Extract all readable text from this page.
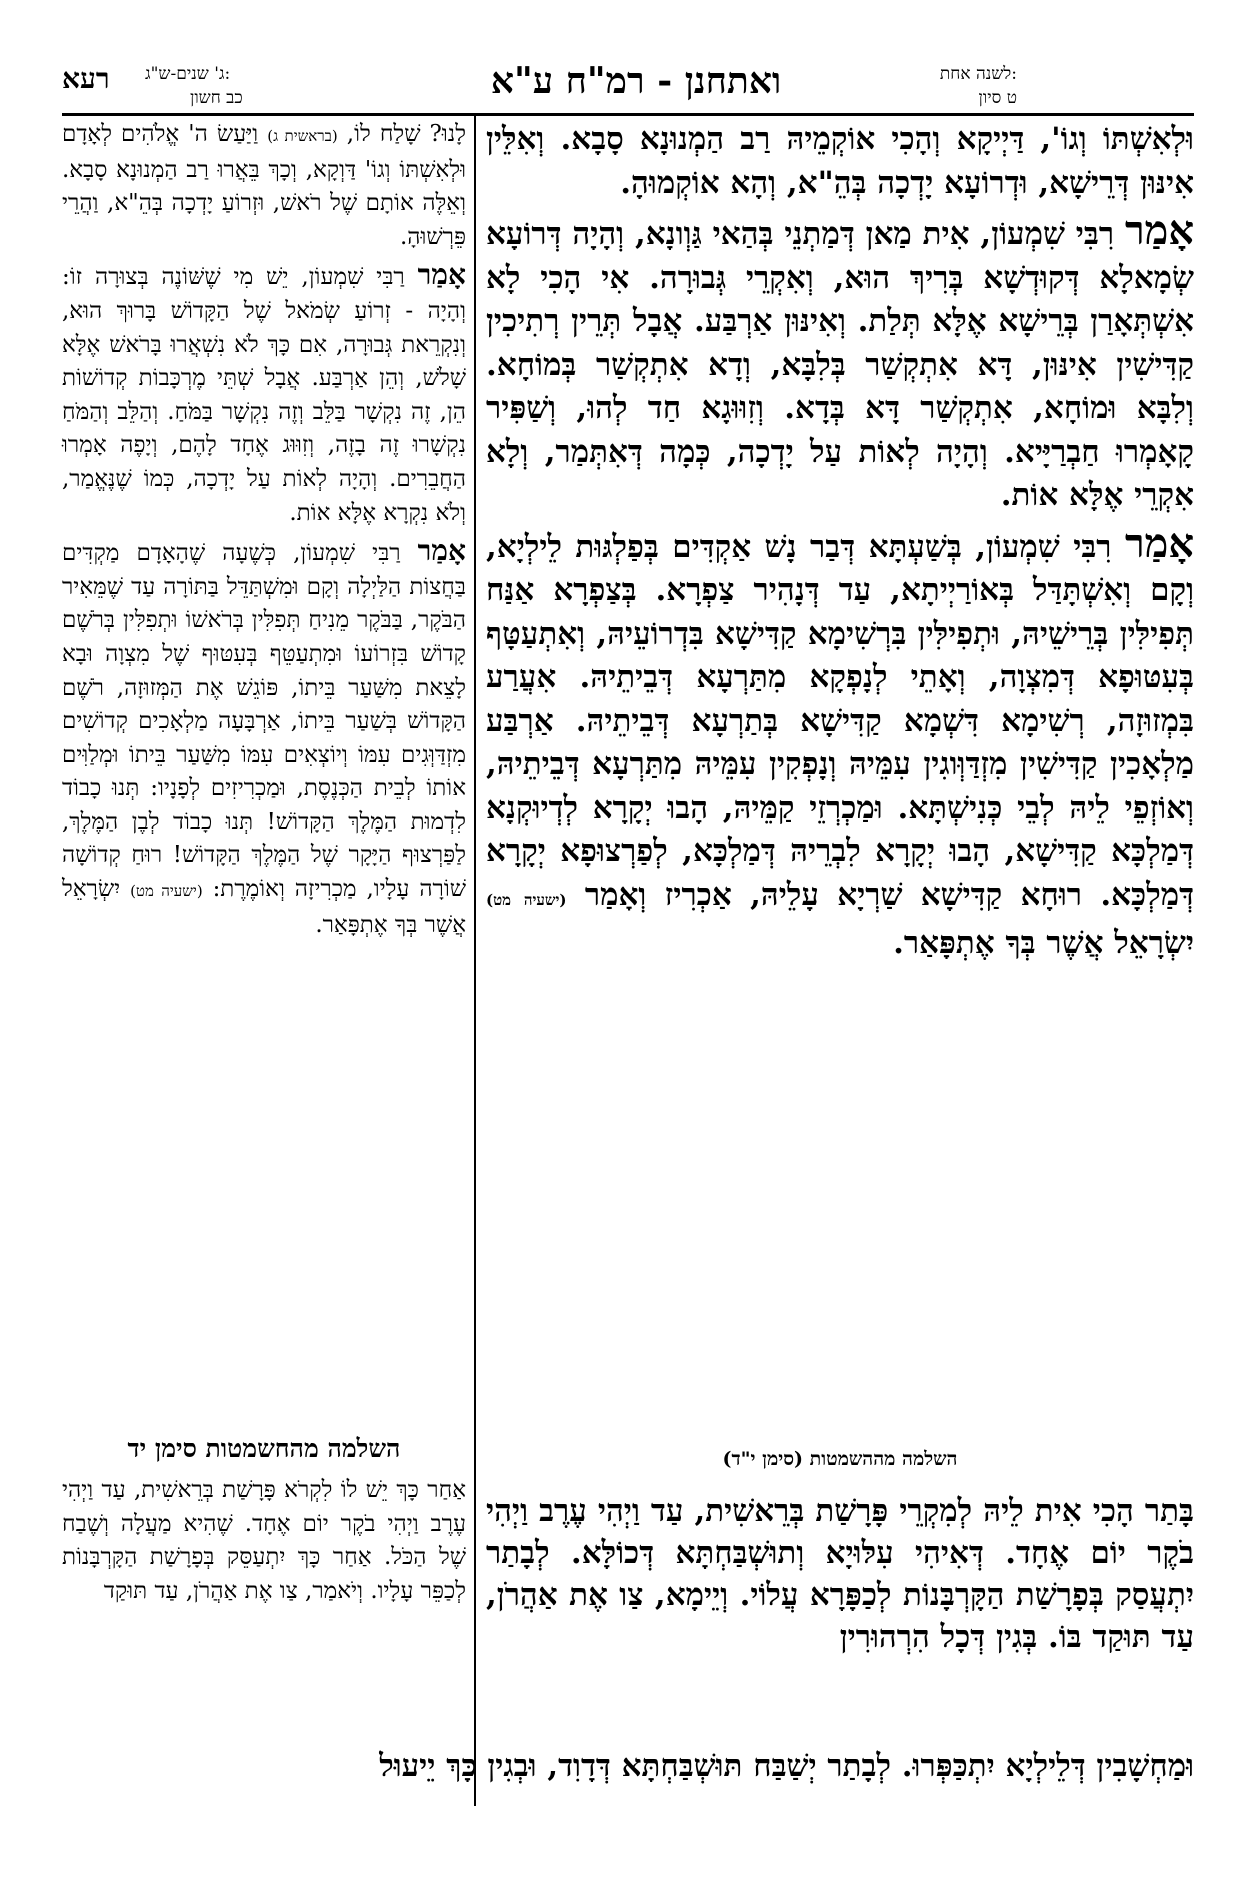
לשנה אחת:
ט סיון
ואתחנן - רמ"ח ע"א
ג' שנים-ש"ג:
כב חשון
רעא

וּלְאִשְׁתּוֹ וְגוֹ', דַּיְיקָא וְהָכִי אוֹקְמֵיהּ רַב הַמְנוּנָא סָבָא. וְאִלֵּין אִינּוּן דְּרֵישָׁא, וּדְרוֹעָא יָדְכָה בְּהֵ"א, וְהָא אוֹקְמוּהָ.

אָמַר רִבִּי שִׁמְעוֹן, אִית מַאן דְּמַתְנֵי בְּהַאי גַּוְונָא, וְהָיָה דְּרוֹעָא שְׂמָאלָא דְּקוּדְשָׁא בְּרִיךְ הוּא, וְאִקְרֵי גְּבוּרָה. אִי הָכִי לָא אִשְׁתְּאָרַן בְּרֵישָׁא אֶלָּא תְּלַת. וְאִינּוּן אַרְבַּע. אֲבָל תְּרֵין רְתִיכִין קַדִּישִׁין אִינּוּן, דָּא אִתְקְשַׁר בְּלִבָּא, וְדָא אִתְקְשַׁר בְּמוֹחָא. וְלִבָּא וּמוֹחָא, אִתְקְשַׁר דָּא בְּדָא. וְזִוּוּגָא חַד לְהוּ, וְשַׁפִּיר קָאָמְרוּ חַבְרַיָּיא. וְהָיָה לְאוֹת עַל יָדְכָה, כְּמָה דְּאִתְּמַר, וְלָא אִקְרֵי אֶלָּא אוֹת.

אָמַר רִבִּי שִׁמְעוֹן, בְּשַׁעְתָּא דְּבַר נָשׁ אַקְדִּים בְּפַלְגּוּת לֵילְיָא, וְקָם וְאִשְׁתָּדַּל בְּאוֹרַיְיתָא, עַד דְּנָהִיר צַפְרָא. בְּצַפְרָא אַנַּח תְּפִילִּין בְּרֵישֵׁיהּ, וּתְפִילִּין בִּרְשִׁימָא קַדִּישָׁא בִּדְרוֹעֵיהּ, וְאִתְעַטָּף בְּעִטּוּפָא דְּמִצְוָה, וְאָתֵי לְנָפְקָא מִתַּרְעָא דְּבֵיתֵיהּ. אִעֲרַע בִּמְזוּזָה, רְשִׁימָא דִּשְׁמָא קַדִּישָׁא בְּתַרְעָא דְּבֵיתֵיהּ. אַרְבַּע מַלְאָכִין קַדִּישִׁין מִזְדַּוְּוגִין עִמֵּיהּ וְנָפְקִין עִמֵּיהּ מִתַּרְעָא דְּבֵיתֵיהּ, וְאוֹזְפֵי לֵיהּ לְבֵי כְּנִישְׁתָּא. וּמַכְרְזֵי קַמֵּיהּ, הָבוּ יְקָרָא לְדְיוּקְנָא דְּמַלְכָּא קַדִּישָׁא, הָבוּ יְקָרָא לִבְרֵיהּ דְּמַלְכָּא, לְפַרְצוּפָא יְקָרָא דְּמַלְכָּא. רוּחָא קַדִּישָׁא שַׁרְיָא עָלֵיהּ, אַכְרִיז וְאָמַר (ישעיה מט) יִשְׂרָאֵל אֲשֶׁר בְּךָ אֶתְפָּאַר.

השלמה מההשמטות (סימן י"ד)

בָּתַר הָכִי אִית לֵיהּ לְמִקְרֵי פָּרָשַׁת בְּרֵאשִׁית, עַד וַיְהִי עֶרֶב וַיְהִי בֹקֶר יוֹם אֶחָד. דְּאִיהִי עִלּוּיָא וְתוּשְׁבַּחְתָּא דְּכוֹלָּא. לְבָתַר יִתְעֲסַק בְּפָרָשַׁת הַקָּרְבָּנוֹת לְכַפָּרָא עֲלוֹי. וְיֵימָא, צַו אֶת אַהֲרֹן, עַד תּוּקַד בּוֹ. בְּגִין דְּכָל הִרְהוּרִין

לָנוּ? שָׁלַח לוֹ, (בראשית ג) וַיַּעַשׂ ה' אֱלֹהִים לְאָדָם וּלְאִשְׁתּוֹ וְגוֹ' דַּוְקָא, וְכָךְ בֵּאֲרוּ רַב הַמְנוּנָא סָבָא. וְאֵלֶּה אוֹתָם שֶׁל רֹאשׁ, וּזְרוֹעַ יָדְכָה בְּהֵ"א, וַהֲרֵי פֵּרְשׁוּהָ.

אָמַר רַבִּי שִׁמְעוֹן, יֵשׁ מִי שֶׁשּׁוֹנֶה בְּצוּרָה זוֹ: וְהָיָה - זְרוֹעַ שְׂמֹאל שֶׁל הַקָּדוֹשׁ בָּרוּךְ הוּא, וְנִקְרֵאת גְּבוּרָה, אִם כָּךְ לֹא נִשְׁאֲרוּ בָּרֹאשׁ אֶלָּא שָׁלֹשׁ, וְהֵן אַרְבַּע. אֲבָל שְׁתֵּי מֶרְכָּבוֹת קְדוֹשׁוֹת הֵן, זֶה נִקְשָׁר בַּלֵּב וְזֶה נִקְשָׁר בַּמֹּחַ. וְהַלֵּב וְהַמֹּחַ נִקְשָׁרוּ זֶה בָזֶה, וְזִוּוּג אֶחָד לָהֶם, וְיָפֶה אָמְרוּ הַחֲבֵרִים. וְהָיָה לְאוֹת עַל יָדְכָה, כְּמוֹ שֶׁנֶּאֱמַר, וְלֹא נִקְרָא אֶלָּא אוֹת.

אָמַר רַבִּי שִׁמְעוֹן, כְּשֶׁעָה שֶׁהָאָדָם מַקְדִּים בַּחֲצוֹת הַלַּיְלָה וְקָם וּמִשְׁתַּדֵּל בַּתּוֹרָה עַד שֶׁמֵּאִיר הַבֹּקֶר, בַּבֹּקֶר מֵנִיחַ תְּפִלִּין בְּרֹאשׁוֹ וּתְפִלִּין בְּרֹשֶׁם קָדוֹשׁ בִּזְרוֹעוֹ וּמִתְעַטֵּף בְּעִטּוּף שֶׁל מִצְוָה וּבָא לָצֵאת מִשַּׁעַר בֵּיתוֹ, פּוֹגֵשׁ אֶת הַמְּזוּזָה, רֹשֶׁם הַקָּדוֹשׁ בְּשַׁעַר בֵּיתוֹ, אַרְבָּעָה מַלְאָכִים קְדוֹשִׁים מִזְדַּוְּגִים עִמּוֹ וְיוֹצְאִים עִמּוֹ מִשַּׁעַר בֵּיתוֹ וּמְלַוִּים אוֹתוֹ לְבֵית הַכְּנֶסֶת, וּמַכְרִיזִים לְפָנָיו: תְּנוּ כָבוֹד לִדְמוּת הַמֶּלֶךְ הַקָּדוֹשׁ! תְּנוּ כָבוֹד לְבֶן הַמֶּלֶךְ, לַפַּרְצוּף הַיָּקָר שֶׁל הַמֶּלֶךְ הַקָּדוֹשׁ! רוּחַ קְדוֹשָׁה שׁוֹרָה עָלָיו, מַכְרִיזָה וְאוֹמֶרֶת: (ישעיה מט) יִשְׂרָאֵל אֲשֶׁר בְּךָ אֶתְפָּאַר.

השלמה מהחשמטות סימן יד

אַחַר כָּךְ יֵשׁ לוֹ לִקְרֹא פָּרָשַׁת בְּרֵאשִׁית, עַד וַיְהִי עֶרֶב וַיְהִי בֹקֶר יוֹם אֶחָד. שֶׁהִיא מַעֲלָה וְשֶׁבַח שֶׁל הַכֹּל. אַחַר כָּךְ יִתְעַסֵּק בְּפָרָשַׁת הַקָּרְבָּנוֹת לְכַפֵּר עָלָיו. וְיֹאמַר, צַו אֶת אַהֲרֹן, עַד תּוּקַד

וּמַחְשָׁבִין דְּלֵילְיָא יִתְכַּפְּרוּ. לְבָתַר יְשַׁבַּח תּוּשְׁבַּחְתָּא דְּדָוִד, וּבְגִין כָּךְ יֵיעוּל
